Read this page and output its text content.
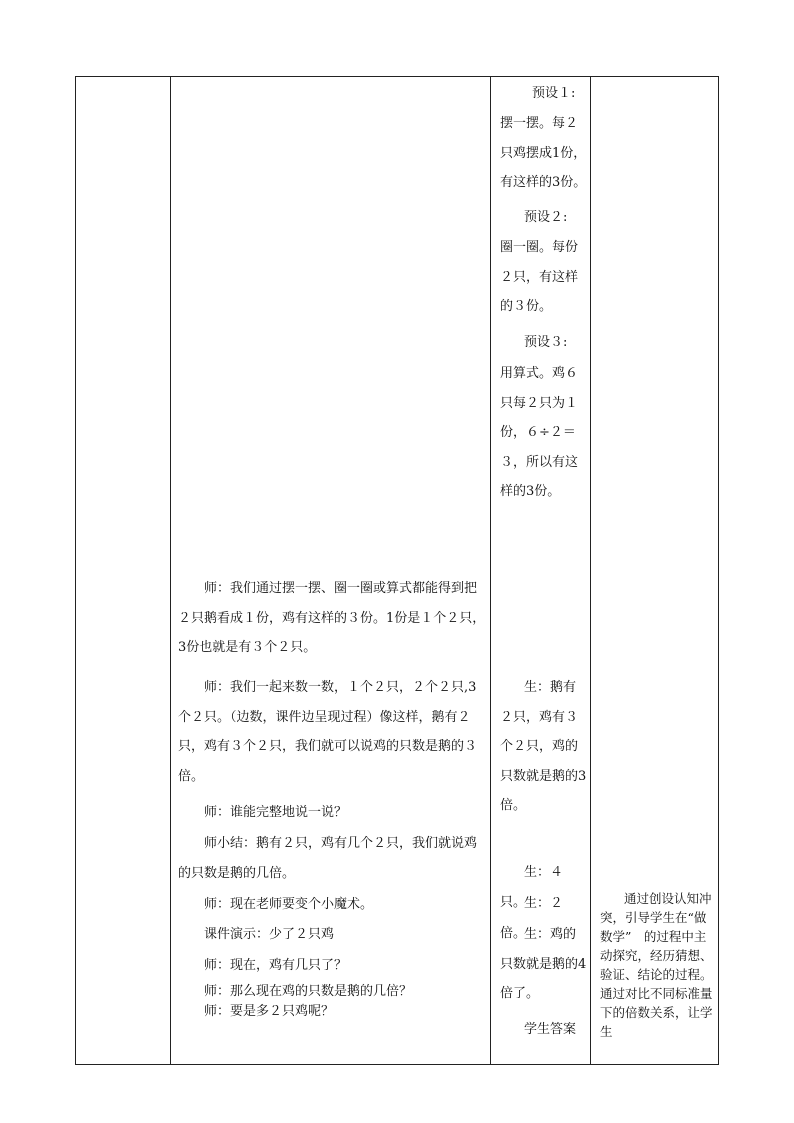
师：我们通过摆一摆、圈一圈或算式都能得到把２只鹅看成１份，鸡有这样的３份。1份是１个２只，3份也就是有３个２只。

师：我们一起来数一数，１个２只，２个２只,3个２只。（边数，课件边呈现过程）像这样，鹅有２只，鸡有３个２只，我们就可以说鸡的只数是鹅的３倍。

师：谁能完整地说一说？

师小结：鹅有２只，鸡有几个２只，我们就说鸡的只数是鹅的几倍。

师：现在老师要变个小魔术。

课件演示：少了２只鸡

师：现在，鸡有几只了？

师：那么现在鸡的只数是鹅的几倍？

师：要是多２只鸡呢？

预设１:

摆一摆。每２只鸡摆成1份，有这样的3份。

预设２:

圈一圈。每份２只，有这样的３份。

预设３:

用算式。鸡６只每２只为１份，６÷２＝３，所以有这样的3份。

生：鹅有２只，鸡有３个２只，鸡的只数就是鹅的3倍。

生：４只。

生：２倍。

生：鸡的只数就是鹅的4倍了。

学生答案

通过创设认知冲突，引导学生在“做数学”　的过程中主动探究，经历猜想、验证、结论的过程。通过对比不同标准量下的倍数关系，让学生
